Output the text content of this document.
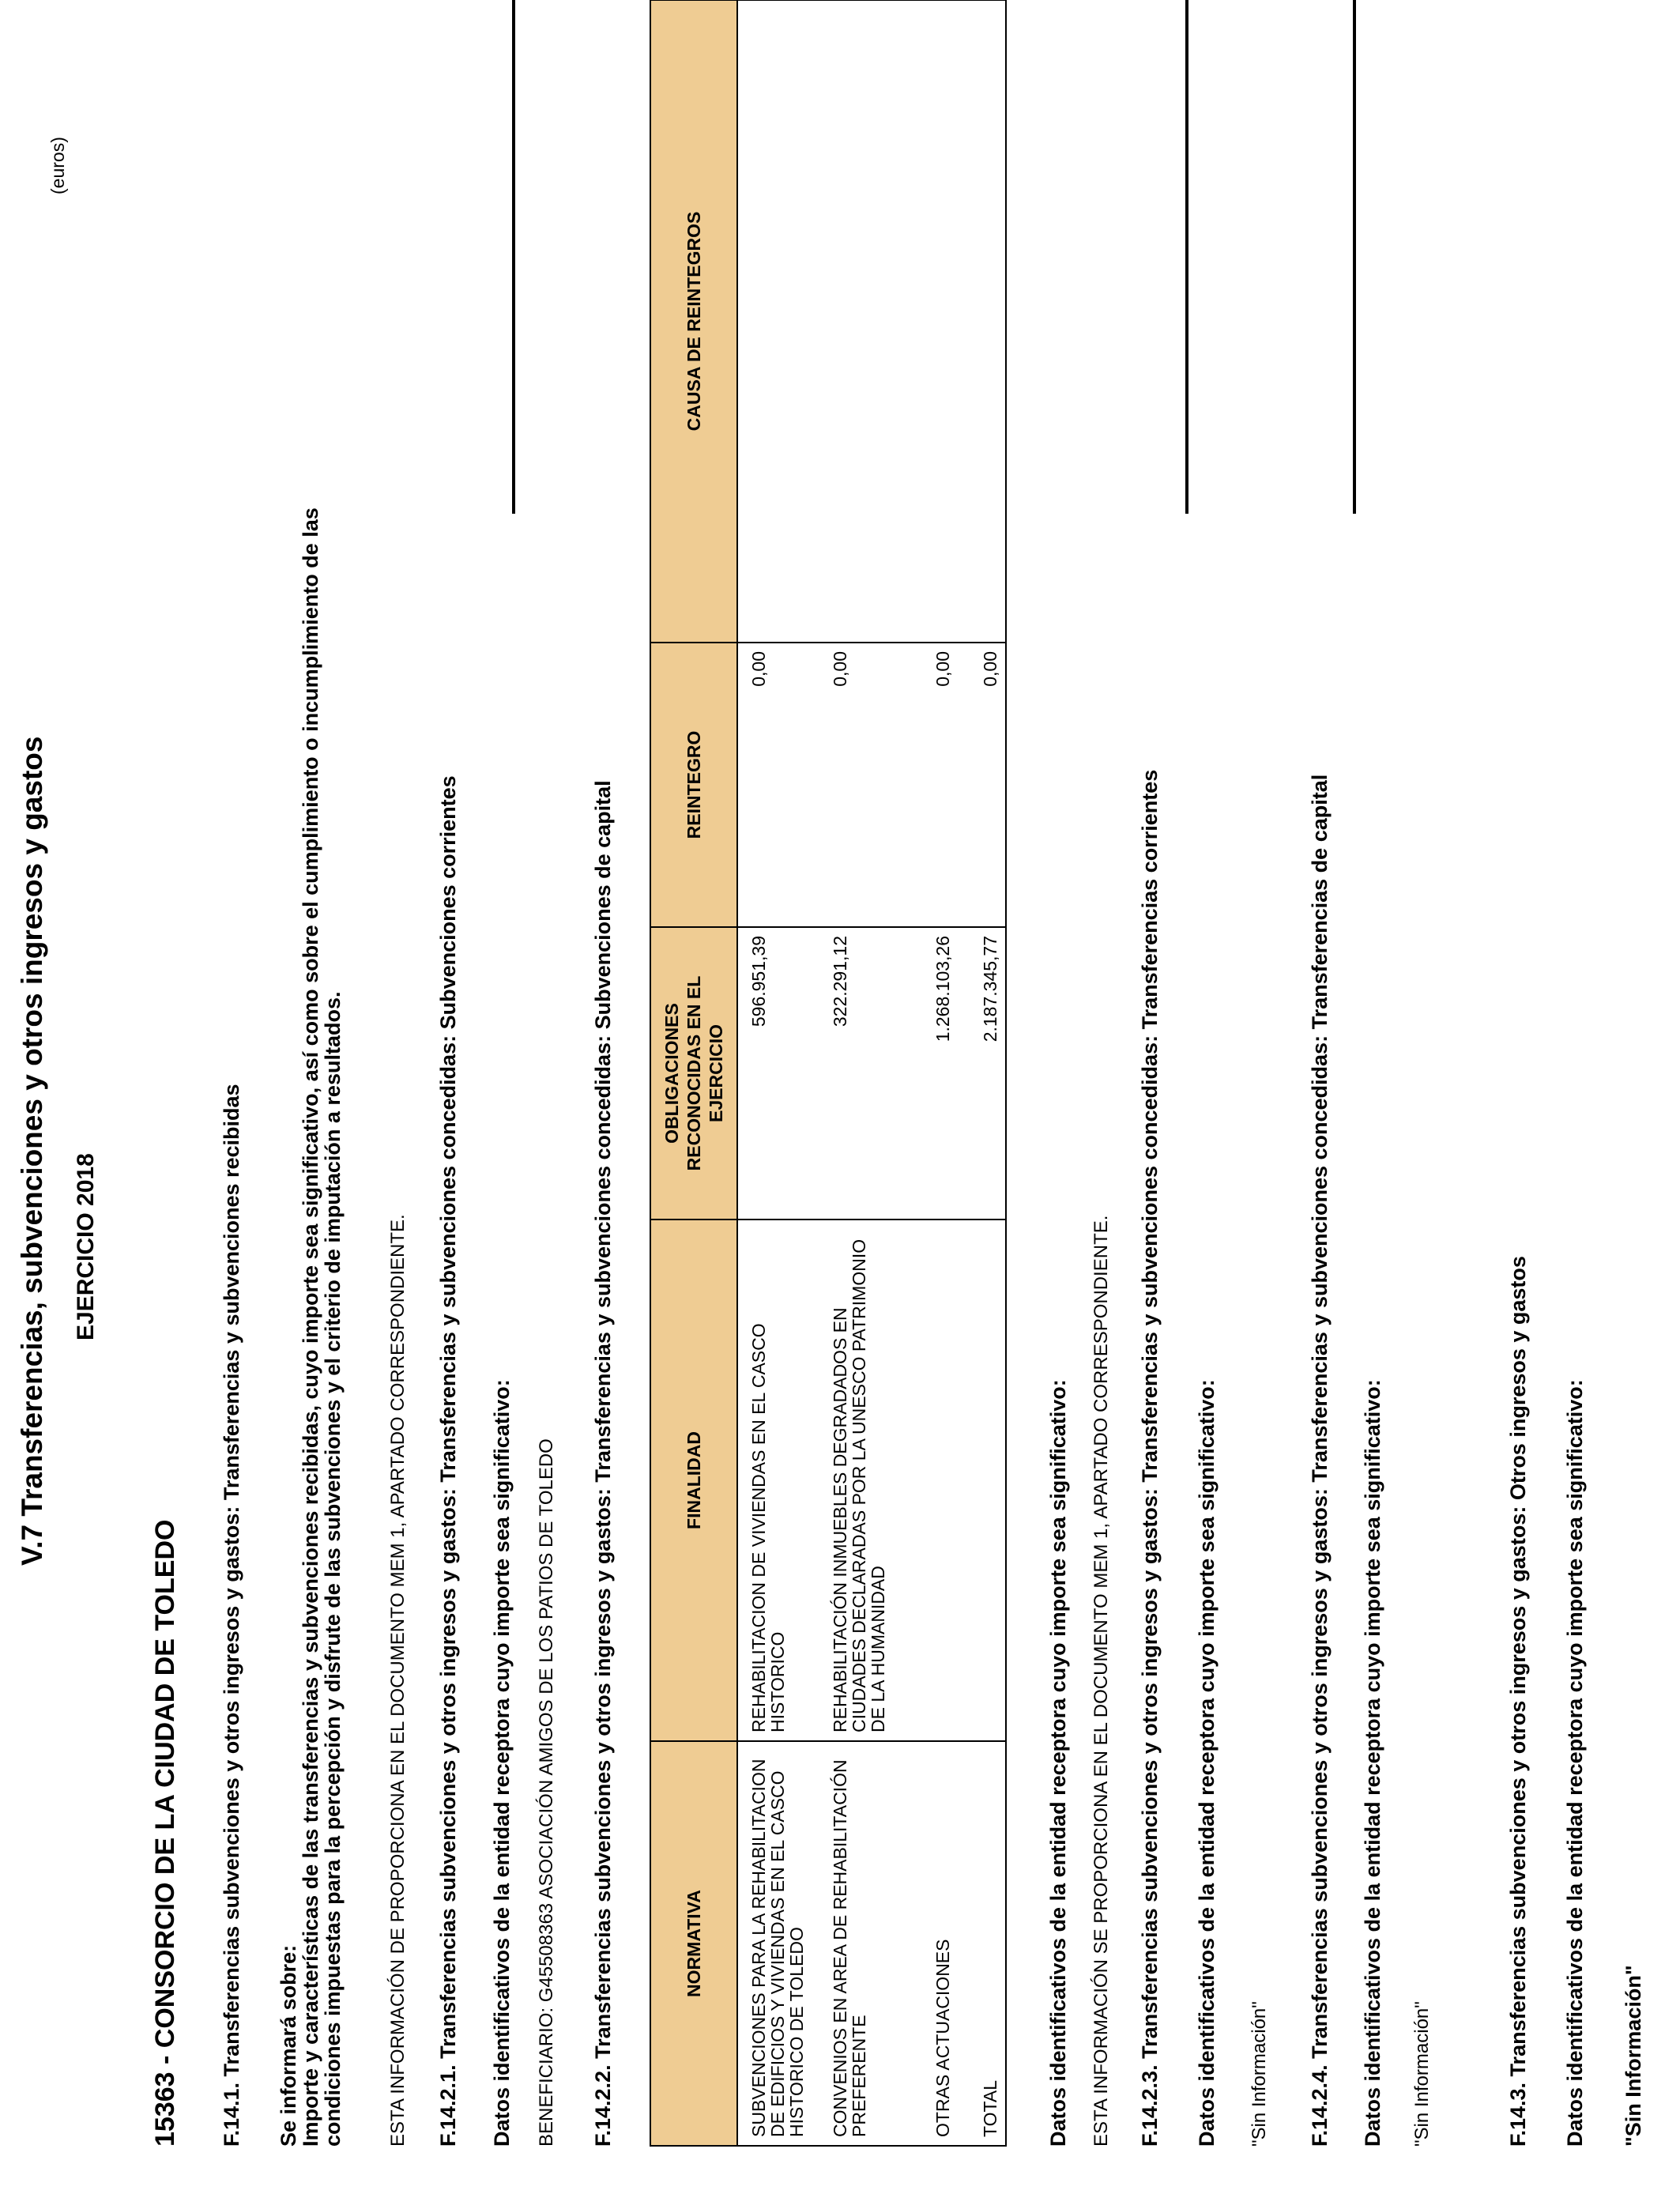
(euros)
V.7 Transferencias, subvenciones y otros ingresos y gastos EJERCICIO 2018
15363 - CONSORCIO DE LA CIUDAD DE TOLEDO F.14.1. Transferencias subvenciones y otros ingresos y gastos: Transferencias y subvenciones recibidas Se informará sobre:
Importe y características de las transferencias y subvenciones recibidas, cuyo importe sea significativo, así como sobre el cumplimiento o incumplimiento de las
condiciones impuestas para la percepción y disfrute de las subvenciones y el criterio de imputación a resultados. ESTA INFORMACIÓN DE PROPORCIONA EN EL DOCUMENTO MEM 1, APARTADO CORRESPONDIENTE. F.14.2.1. Transferencias subvenciones y otros ingresos y gastos: Transferencias y subvenciones concedidas: Subvenciones corrientes Datos identificativos de la entidad receptora cuyo importe sea significativo: BENEFICIARIO: G45508363 ASOCIACIÓN AMIGOS DE LOS PATIOS DE TOLEDO F.14.2.2. Transferencias subvenciones y otros ingresos y gastos: Transferencias y subvenciones concedidas: Subvenciones de capital	NORMATIVA	FINALIDAD	OBLIGACIONES RECONOCIDAS EN EL EJERCICIO	REINTEGRO	CAUSA DE REINTEGROS
SUBVENCIONES PARA LA REHABILITACION DE EDIFICIOS Y VIVIENDAS EN EL CASCO HISTORICO DE TOLEDO	REHABILITACION DE VIVIENDAS EN EL CASCO HISTORICO	596.951,39	0,00	
CONVENIOS EN AREA DE REHABILITACIÓN PREFERENTE	REHABILITACIÓN INMUEBLES DEGRADADOS EN CIUDADES DECLARADAS POR LA UNESCO PATRIMONIO DE LA HUMANIDAD	322.291,12	0,00	
OTRAS ACTUACIONES		1.268.103,26	0,00	
TOTAL		2.187.345,77	0,00	
Datos identificativos de la entidad receptora cuyo importe sea significativo: ESTA INFORMACIÓN SE PROPORCIONA EN EL DOCUMENTO MEM 1, APARTADO CORRESPONDIENTE. F.14.2.3. Transferencias subvenciones y otros ingresos y gastos: Transferencias y subvenciones concedidas: Transferencias corrientes Datos identificativos de la entidad receptora cuyo importe sea significativo: "Sin Información" F.14.2.4. Transferencias subvenciones y otros ingresos y gastos: Transferencias y subvenciones concedidas: Transferencias de capital Datos identificativos de la entidad receptora cuyo importe sea significativo: "Sin Información"	F.14.3. Transferencias subvenciones y otros ingresos y gastos: Otros ingresos y gastos Datos identificativos de la entidad receptora cuyo importe sea significativo: "Sin Información"
